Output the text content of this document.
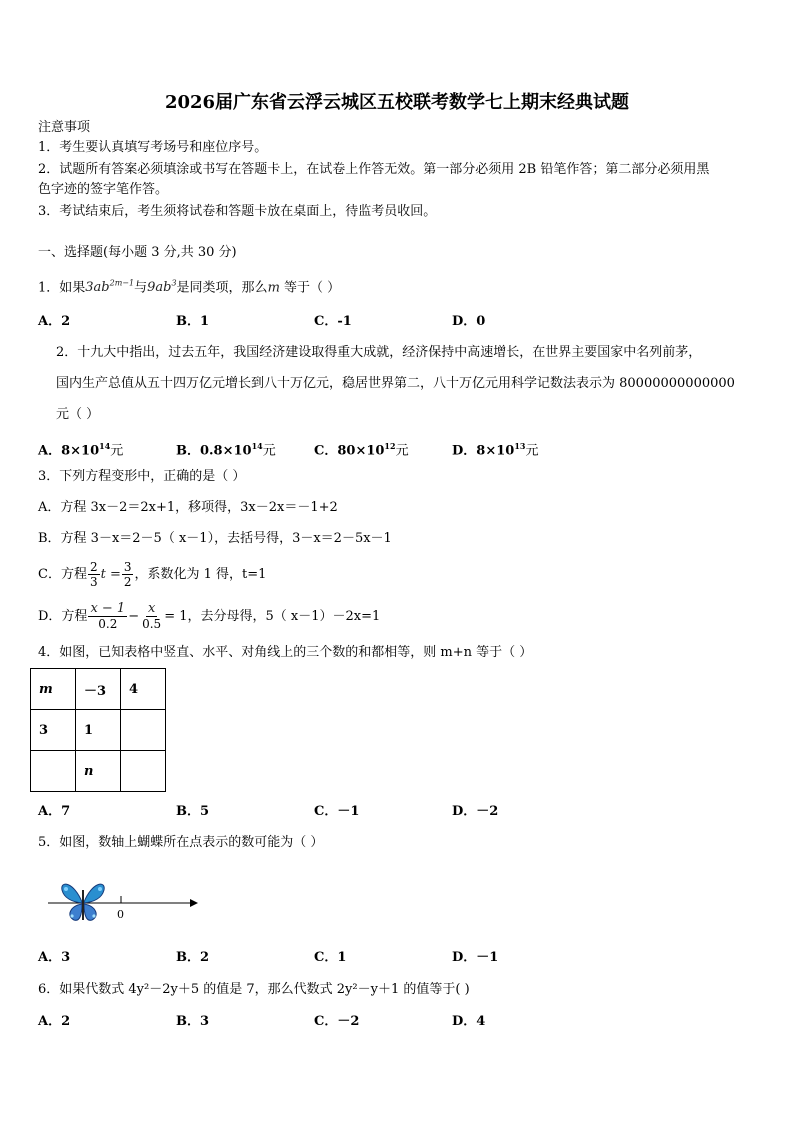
2026届广东省云浮云城区五校联考数学七上期末经典试题
注意事项
1．考生要认真填写考场号和座位序号。
2．试题所有答案必须填涂或书写在答题卡上，在试卷上作答无效。第一部分必须用 2B 铅笔作答；第二部分必须用黑
色字迹的签字笔作答。
3．考试结束后，考生须将试卷和答题卡放在桌面上，待监考员收回。
一、选择题(每小题 3 分,共 30 分)
1．如果$3ab^{2m-1}$与$9ab^3$是同类项，那么m 等于（ ）
A．2	B．1	C．-1	D．0
2．十九大中指出，过去五年，我国经济建设取得重大成就，经济保持中高速增长，在世界主要国家中名列前茅，
国内生产总值从五十四万亿元增长到八十万亿元，稳居世界第二，八十万亿元用科学记数法表示为 80000000000000
元（ ）
A．$8\times 10^{14}$元	B．$0.8\times 10^{14}$元	C．$80\times 10^{12}$元	D．$8\times 10^{13}$元
3．下列方程变形中，正确的是（ ）
A．方程 3x－2＝2x+1，移项得，3x－2x＝－1+2
B．方程 3－x＝2－5（ x－1），去括号得，3－x＝2－5x－1
C．方程 $\frac{2}{3}$ $t = \frac{3}{2}$ ，系数化为 1 得，t=1
D．方程 $\frac{x - 1}{0.2} - \frac{x}{0.5} = 1$，去分母得，5（ x－1）－2x=1
4．如图，已知表格中竖直、水平、对角线上的三个数的和都相等，则 m+n 等于（ ）
m	－3	4
3	1	
	n	
A．7	B．5	C．－1	D．－2
5．如图，数轴上蝴蝶所在点表示的数可能为（ ）
0
A．3	B．2	C．1	D．－1
6．如果代数式 4y²－2y＋5 的值是 7，那么代数式 2y²－y＋1 的值等于( )
A．2	B．3	C．－2	D．4
